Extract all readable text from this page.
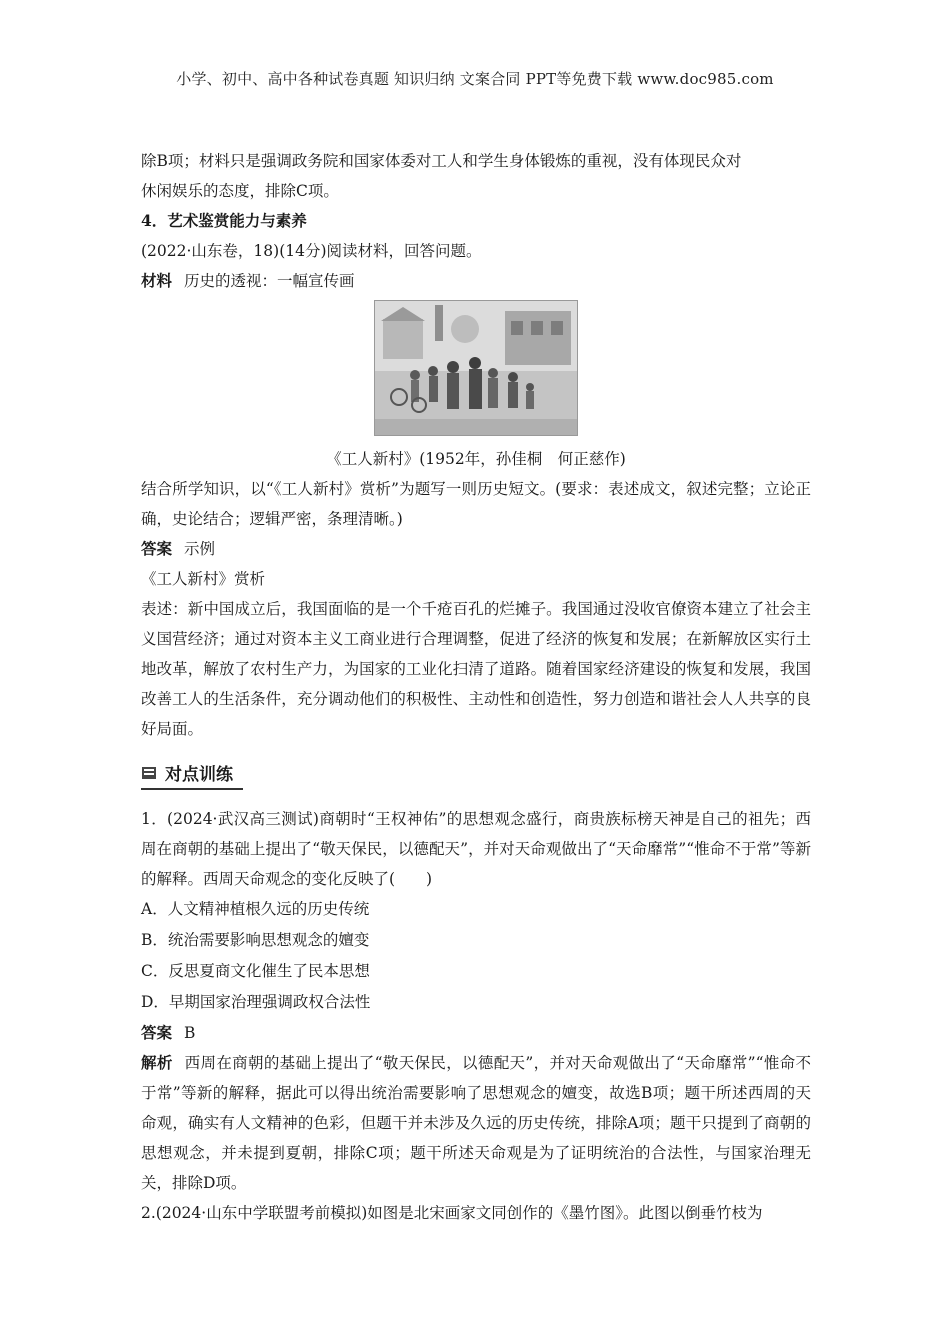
小学、初中、高中各种试卷真题 知识归纳 文案合同 PPT等免费下载 www.doc985.com
除B项；材料只是强调政务院和国家体委对工人和学生身体锻炼的重视，没有体现民众对
休闲娱乐的态度，排除C项。
4．艺术鉴赏能力与素养
(2022·山东卷，18)(14分)阅读材料，回答问题。
材料 历史的透视：一幅宣传画
《工人新村》(1952年，孙佳桐　何正慈作)
结合所学知识，以“《工人新村》赏析”为题写一则历史短文。(要求：表述成文，叙述完整；立论正确，史论结合；逻辑严密，条理清晰。)
答案 示例
《工人新村》赏析
表述：新中国成立后，我国面临的是一个千疮百孔的烂摊子。我国通过没收官僚资本建立了社会主义国营经济；通过对资本主义工商业进行合理调整，促进了经济的恢复和发展；在新解放区实行土地改革，解放了农村生产力，为国家的工业化扫清了道路。随着国家经济建设的恢复和发展，我国改善工人的生活条件，充分调动他们的积极性、主动性和创造性，努力创造和谐社会人人共享的良好局面。
对点训练
1．(2024·武汉高三测试)商朝时“王权神佑”的思想观念盛行，商贵族标榜天神是自己的祖先；西周在商朝的基础上提出了“敬天保民，以德配天”，并对天命观做出了“天命靡常”“惟命不于常”等新的解释。西周天命观念的变化反映了(　　)
A．人文精神植根久远的历史传统
B．统治需要影响思想观念的嬗变
C．反思夏商文化催生了民本思想
D．早期国家治理强调政权合法性
答案 B
解析 西周在商朝的基础上提出了“敬天保民，以德配天”，并对天命观做出了“天命靡常”“惟命不于常”等新的解释，据此可以得出统治需要影响了思想观念的嬗变，故选B项；题干所述西周的天命观，确实有人文精神的色彩，但题干并未涉及久远的历史传统，排除A项；题干只提到了商朝的思想观念，并未提到夏朝，排除C项；题干所述天命观是为了证明统治的合法性，与国家治理无关，排除D项。
2.(2024·山东中学联盟考前模拟)如图是北宋画家文同创作的《墨竹图》。此图以倒垂竹枝为
